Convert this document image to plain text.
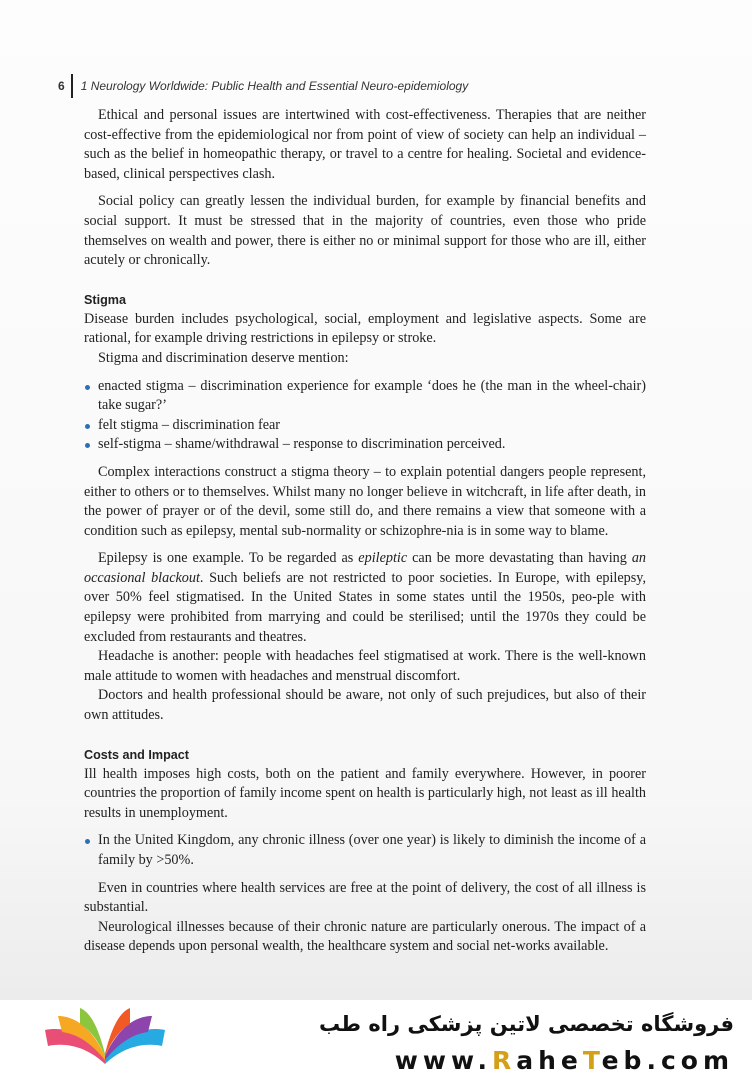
6 1 Neurology Worldwide: Public Health and Essential Neuro-epidemiology

Ethical and personal issues are intertwined with cost-effectiveness. Therapies that are neither cost-effective from the epidemiological nor from point of view of society can help an individual – such as the belief in homeopathic therapy, or travel to a centre for healing. Societal and evidence-based, clinical perspectives clash.

Social policy can greatly lessen the individual burden, for example by financial benefits and social support. It must be stressed that in the majority of countries, even those who pride themselves on wealth and power, there is either no or minimal support for those who are ill, either acutely or chronically.

Stigma

Disease burden includes psychological, social, employment and legislative aspects. Some are rational, for example driving restrictions in epilepsy or stroke.

Stigma and discrimination deserve mention:

enacted stigma – discrimination experience for example ‘does he (the man in the wheel-chair) take sugar?’
felt stigma – discrimination fear
self-stigma – shame/withdrawal – response to discrimination perceived.

Complex interactions construct a stigma theory – to explain potential dangers people represent, either to others or to themselves. Whilst many no longer believe in witchcraft, in life after death, in the power of prayer or of the devil, some still do, and there remains a view that someone with a condition such as epilepsy, mental sub-normality or schizophre-nia is in some way to blame.

Epilepsy is one example. To be regarded as epileptic can be more devastating than having an occasional blackout. Such beliefs are not restricted to poor societies. In Europe, with epilepsy, over 50% feel stigmatised. In the United States in some states until the 1950s, peo-ple with epilepsy were prohibited from marrying and could be sterilised; until the 1970s they could be excluded from restaurants and theatres.

Headache is another: people with headaches feel stigmatised at work. There is the well-known male attitude to women with headaches and menstrual discomfort.

Doctors and health professional should be aware, not only of such prejudices, but also of their own attitudes.

Costs and Impact

Ill health imposes high costs, both on the patient and family everywhere. However, in poorer countries the proportion of family income spent on health is particularly high, not least as ill health results in unemployment.

In the United Kingdom, any chronic illness (over one year) is likely to diminish the income of a family by >50%.

Even in countries where health services are free at the point of delivery, the cost of all illness is substantial.

Neurological illnesses because of their chronic nature are particularly onerous. The impact of a disease depends upon personal wealth, the healthcare system and social net-works available.

فروشگاه تخصصی لاتین پزشکی راه طب
www.RaheTeb.com
